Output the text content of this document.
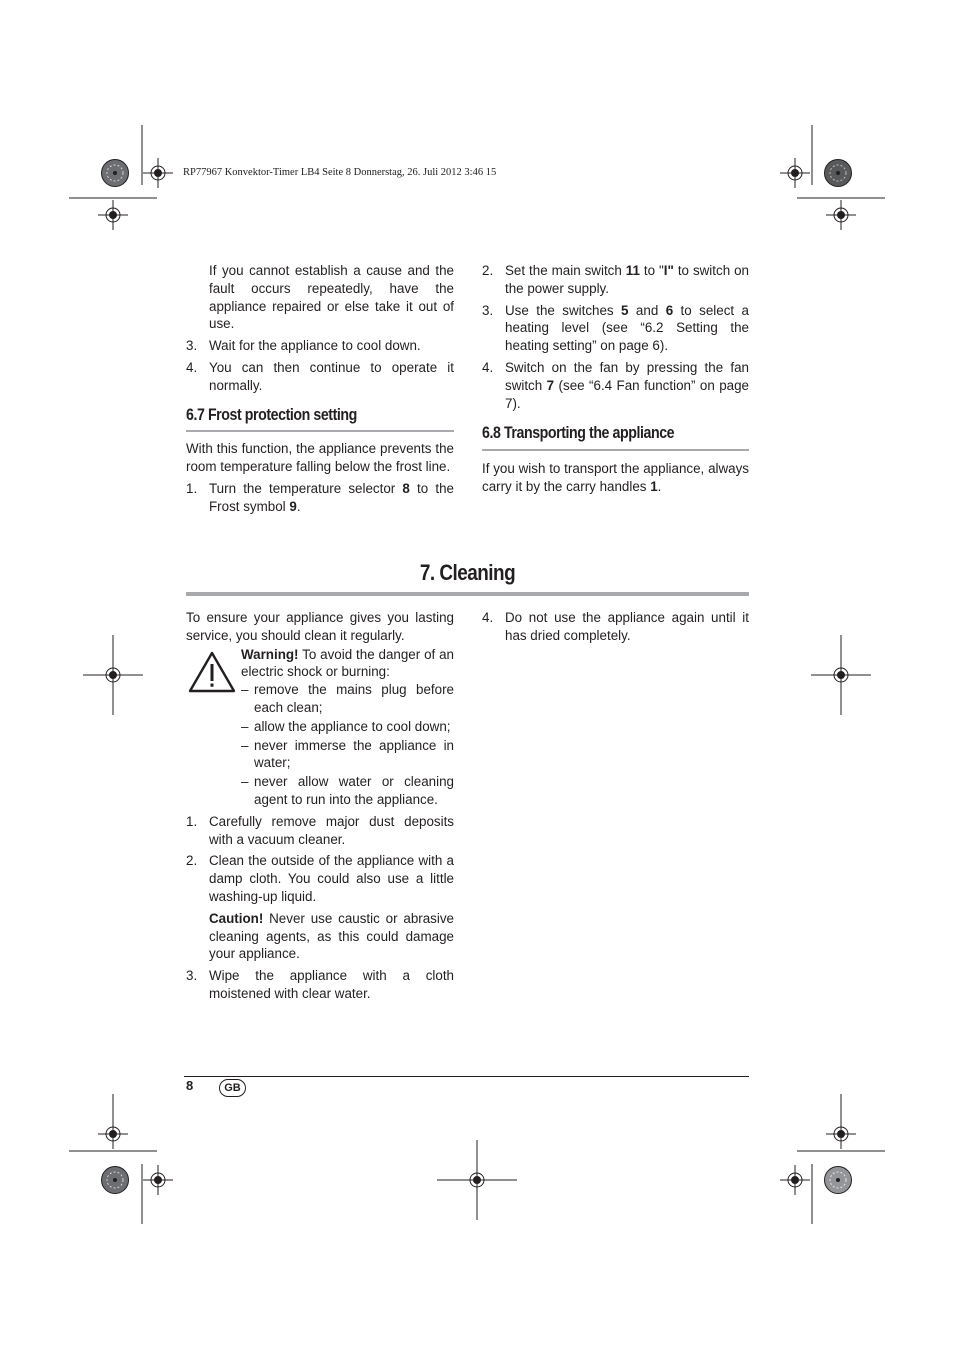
RP77967 Konvektor-Timer LB4 Seite 8 Donnerstag, 26. Juli 2012 3:46 15

If you cannot establish a cause and the fault occurs repeatedly, have the appliance repaired or else take it out of use.

3. Wait for the appliance to cool down.
4. You can then continue to operate it normally.
6.7 Frost protection setting

With this function, the appliance prevents the room temperature falling below the frost line.

1. Turn the temperature selector 8 to the Frost symbol 9.
2. Set the main switch 11 to "I" to switch on the power supply.
3. Use the switches 5 and 6 to select a heating level (see “6.2 Setting the heating setting” on page 6).
4. Switch on the fan by pressing the fan switch 7 (see “6.4 Fan function” on page 7).
6.8 Transporting the appliance

If you wish to transport the appliance, always carry it by the carry handles 1.

7. Cleaning

To ensure your appliance gives you lasting service, you should clean it regularly.

Warning! To avoid the danger of an electric shock or burning:

– remove the mains plug before each clean;
– allow the appliance to cool down;
– never immerse the appliance in water;
– never allow water or cleaning agent to run into the appliance.
1. Carefully remove major dust deposits with a vacuum cleaner.
2. Clean the outside of the appliance with a damp cloth. You could also use a little washing-up liquid.

Caution! Never use caustic or abrasive cleaning agents, as this could damage your appliance.

3. Wipe the appliance with a cloth moistened with clear water.
4. Do not use the appliance again until it has dried completely.
8	GB
